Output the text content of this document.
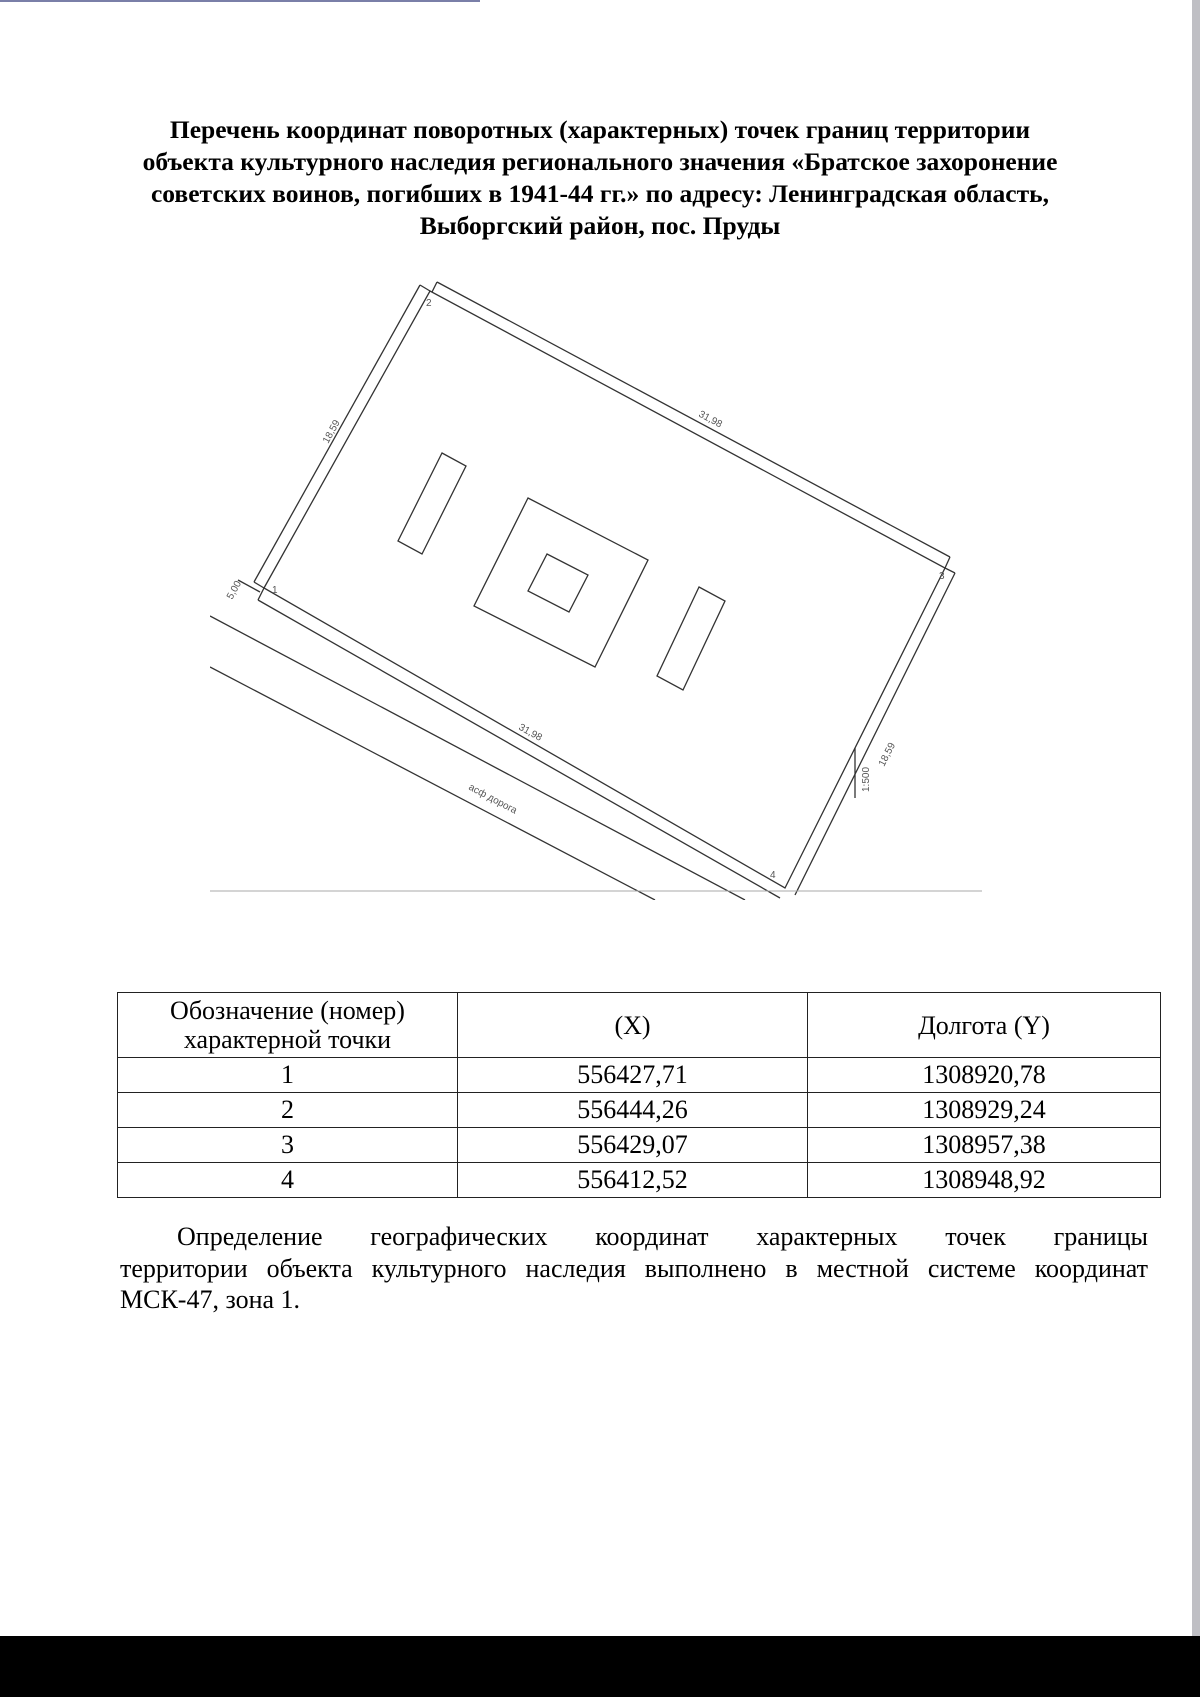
Перечень координат поворотных (характерных) точек границ территории
объекта культурного наследия регионального значения «Братское захоронение
советских воинов, погибших в 1941-44 гг.» по адресу: Ленинградская область,
Выборгский район, пос. Пруды
1
2
3
4
31,98
31,98
18,59
18,59
5,00
асф дорога
1:500
Обозначение (номер)
характерной точки	(X)	Долгота (Y)
1	556427,71	1308920,78
2	556444,26	1308929,24
3	556429,07	1308957,38
4	556412,52	1308948,92
Определение географических координат характерных точек границы
территории объекта культурного наследия выполнено в местной системе координат
МСК-47, зона 1.
